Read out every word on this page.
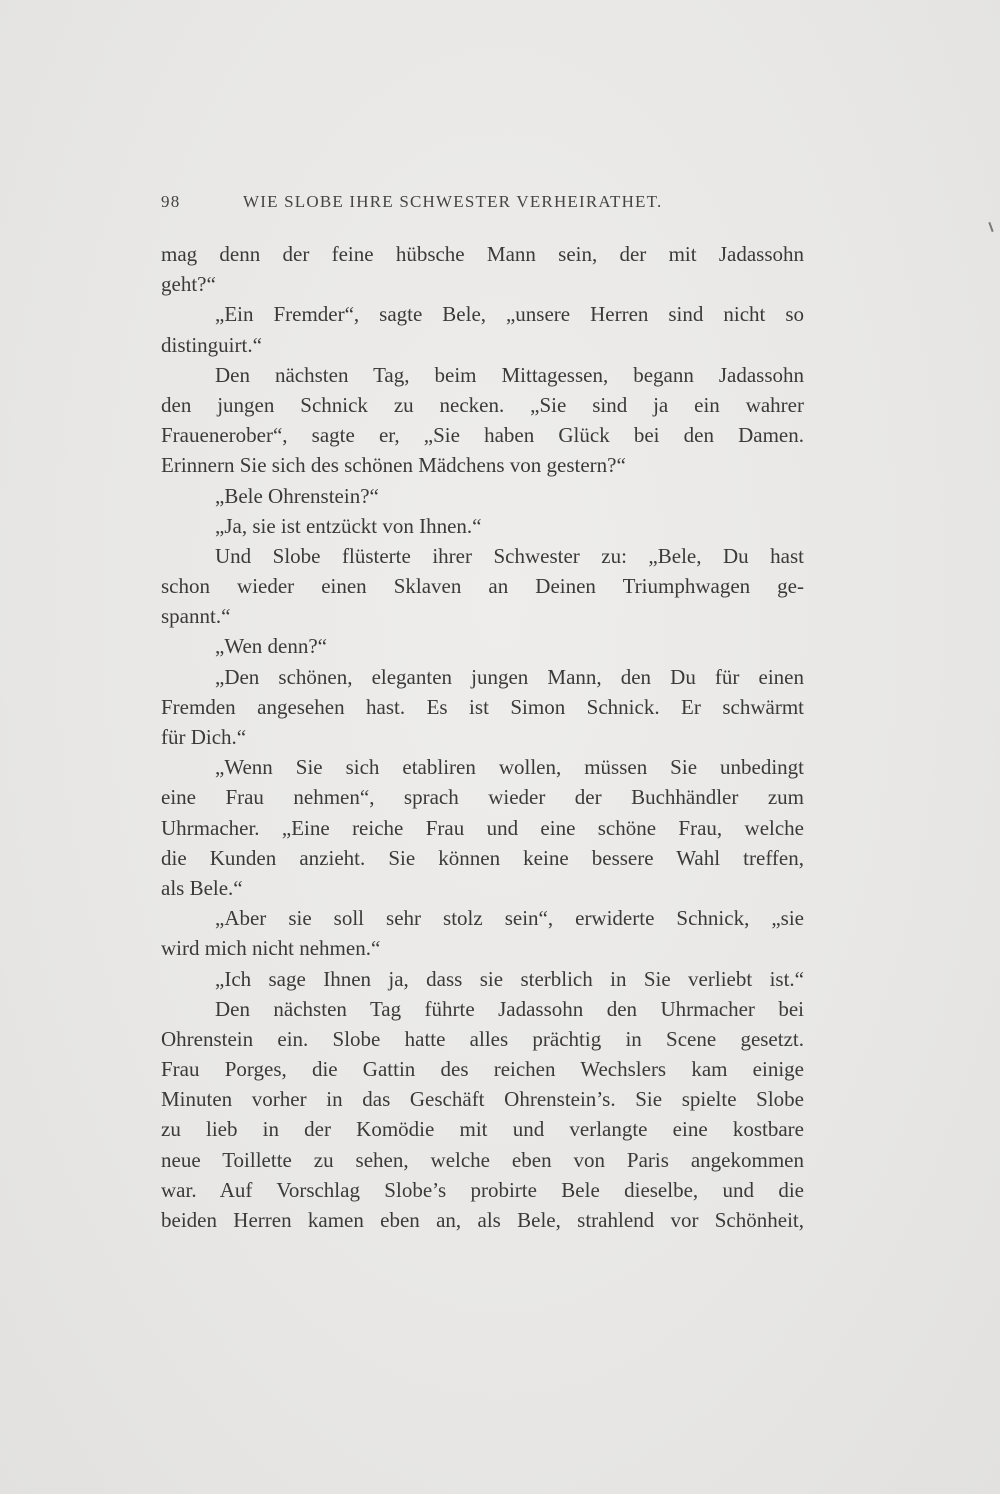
98	WIE SLOBE IHRE SCHWESTER VERHEIRATHET.
mag denn der feine hübsche Mann sein, der mit Jadassohn
geht?“
„Ein Fremder“, sagte Bele, „unsere Herren sind nicht so
distinguirt.“
Den nächsten Tag, beim Mittagessen, begann Jadassohn
den jungen Schnick zu necken. „Sie sind ja ein wahrer
Frauenerober“, sagte er, „Sie haben Glück bei den Damen.
Erinnern Sie sich des schönen Mädchens von gestern?“
„Bele Ohrenstein?“
„Ja, sie ist entzückt von Ihnen.“
Und Slobe flüsterte ihrer Schwester zu: „Bele, Du hast
schon wieder einen Sklaven an Deinen Triumphwagen ge-
spannt.“
„Wen denn?“
„Den schönen, eleganten jungen Mann, den Du für einen
Fremden angesehen hast. Es ist Simon Schnick. Er schwärmt
für Dich.“
„Wenn Sie sich etabliren wollen, müssen Sie unbedingt
eine Frau nehmen“, sprach wieder der Buchhändler zum
Uhrmacher. „Eine reiche Frau und eine schöne Frau, welche
die Kunden anzieht. Sie können keine bessere Wahl treffen,
als Bele.“
„Aber sie soll sehr stolz sein“, erwiderte Schnick, „sie
wird mich nicht nehmen.“
„Ich sage Ihnen ja, dass sie sterblich in Sie verliebt ist.“
Den nächsten Tag führte Jadassohn den Uhrmacher bei
Ohrenstein ein. Slobe hatte alles prächtig in Scene gesetzt.
Frau Porges, die Gattin des reichen Wechslers kam einige
Minuten vorher in das Geschäft Ohrenstein’s. Sie spielte Slobe
zu lieb in der Komödie mit und verlangte eine kostbare
neue Toillette zu sehen, welche eben von Paris angekommen
war. Auf Vorschlag Slobe’s probirte Bele dieselbe, und die
beiden Herren kamen eben an, als Bele, strahlend vor Schönheit,
